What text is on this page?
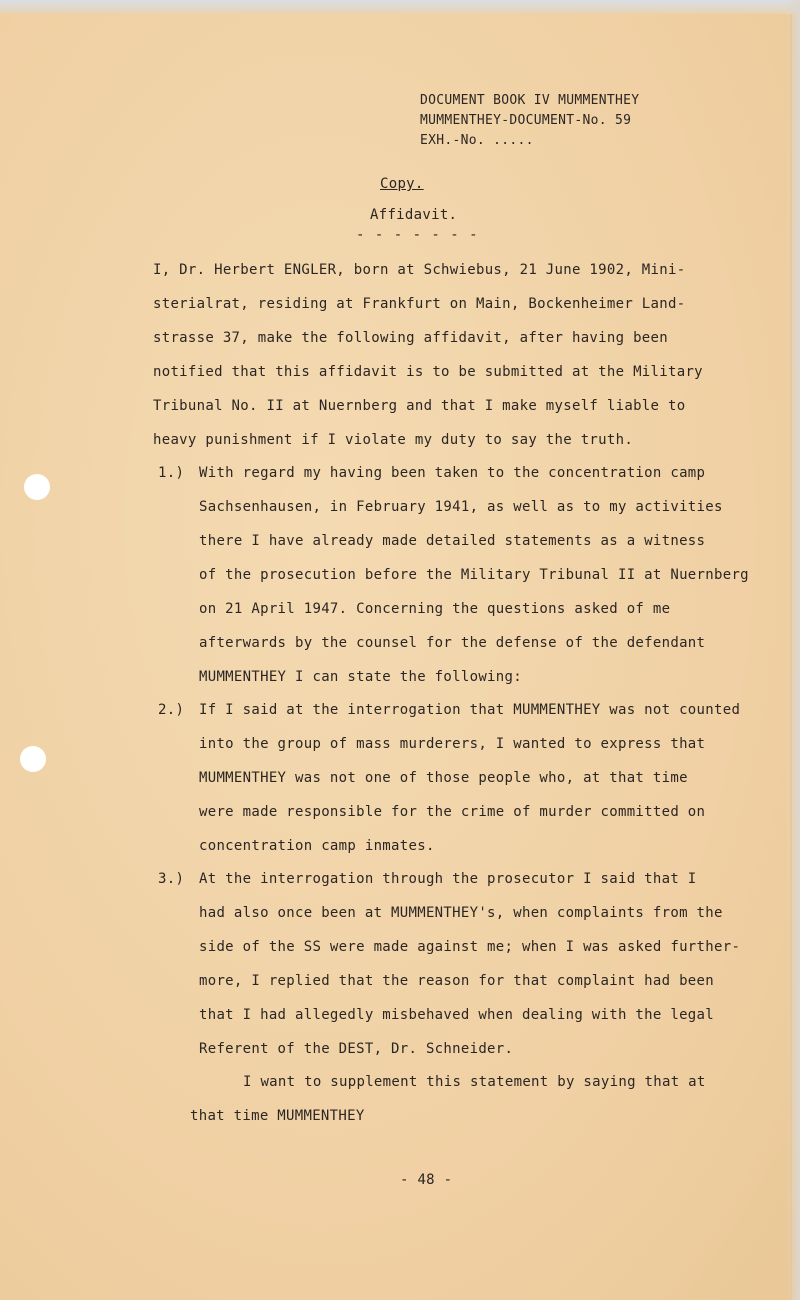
DOCUMENT BOOK IV MUMMENTHEY
MUMMENTHEY-DOCUMENT-No. 59
EXH.-No. .....
Copy.
Affidavit.
- - - - - - -
I, Dr. Herbert ENGLER, born at Schwiebus, 21 June 1902, Mini-
sterialrat, residing at Frankfurt on Main, Bockenheimer Land-
strasse 37, make the following affidavit, after having been
notified that this affidavit is to be submitted at the Military
Tribunal No. II at Nuernberg and that I make myself liable to
heavy punishment if I violate my duty to say the truth.
1.) With regard my having been taken to the concentration camp
Sachsenhausen, in February 1941, as well as to my activities
there I have already made detailed statements as a witness
of the prosecution before the Military Tribunal II at Nuernberg
on 21 April 1947. Concerning the questions asked of me
afterwards by the counsel for the defense of the defendant
MUMMENTHEY I can state the following:
2.) If I said at the interrogation that MUMMENTHEY was not counted
into the group of mass murderers, I wanted to express that
MUMMENTHEY was not one of those people who, at that time
were made responsible for the crime of murder committed on
concentration camp inmates.
3.) At the interrogation through the prosecutor I said that I
had also once been at MUMMENTHEY's, when complaints from the
side of the SS were made against me; when I was asked further-
more, I replied that the reason for that complaint had been
that I had allegedly misbehaved when dealing with the legal
Referent of the DEST, Dr. Schneider.
I want to supplement this statement by saying that at
that time MUMMENTHEY
- 48 -
